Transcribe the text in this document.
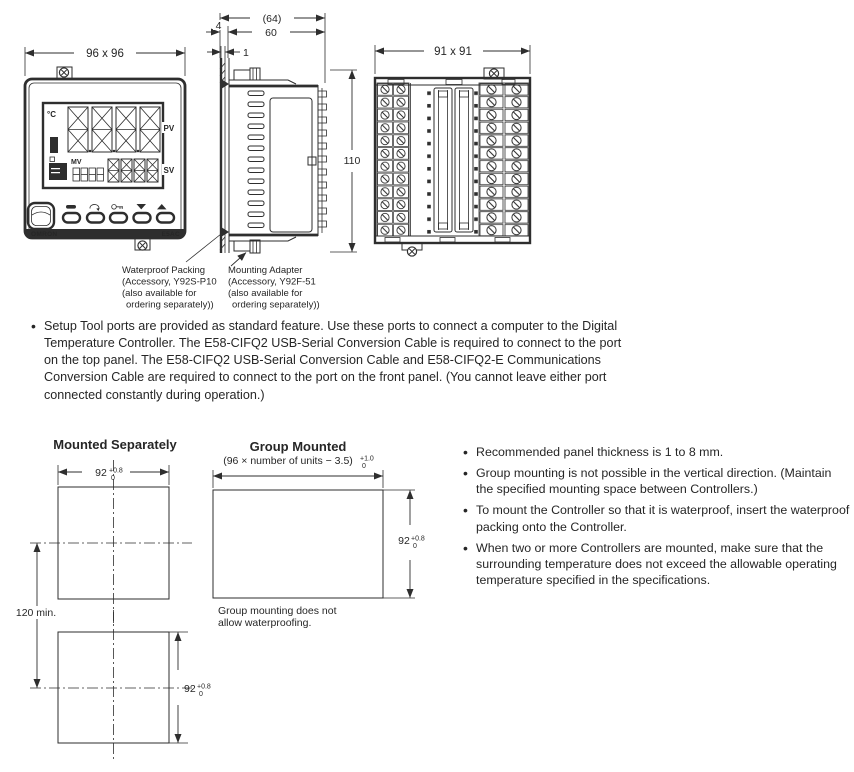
96 x 96
°C
PV
MV
SV
OMRON	E5AC
(64)
60
4
1
110
91 x 91
Waterproof Packing
(Accessory, Y92S-P10
(also available for
ordering separately))
Mounting Adapter
(Accessory, Y92F-51
(also available for
ordering separately))
• Setup Tool ports are provided as standard feature. Use these ports to connect a computer to the Digital Temperature Controller. The E58-CIFQ2 USB-Serial Conversion Cable is required to connect to the port on the top panel. The E58-CIFQ2 USB-Serial Conversion Cable and E58-CIFQ2-E Communications Conversion Cable are required to connect to the port on the front panel. (You cannot leave either port connected constantly during operation.)
Mounted Separately
92 +0.8
0
120 min.
92 +0.8
0
Group Mounted
(96 × number of units − 3.5) +1.0
0
92 +0.8
0
Group mounting does not
allow waterproofing.
• Recommended panel thickness is 1 to 8 mm.
• Group mounting is not possible in the vertical direction. (Maintain the specified mounting space between Controllers.)
• To mount the Controller so that it is waterproof, insert the waterproof packing onto the Controller.
• When two or more Controllers are mounted, make sure that the surrounding temperature does not exceed the allowable operating temperature specified in the specifications.
